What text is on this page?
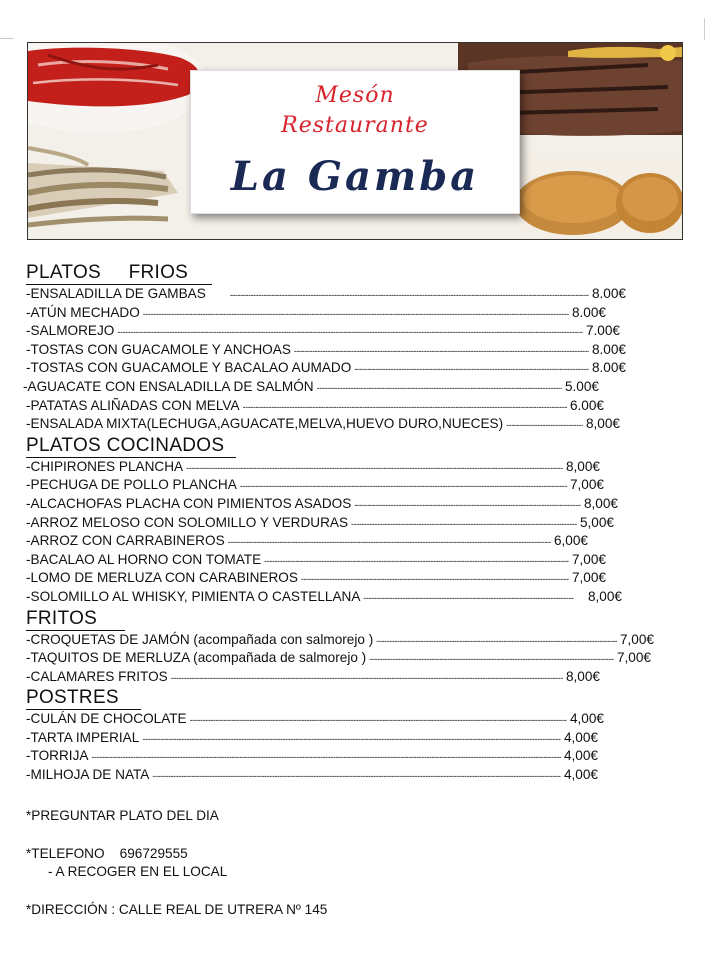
Mesón
Restaurante
La Gamba
PLATOS FRIOS
-ENSALADILLA DE GAMBAS -----	8.00€
-ATÚN MECHADO -----	8.00€
-SALMOREJO -----	7.00€
-TOSTAS CON GUACAMOLE Y ANCHOAS -----	8.00€
-TOSTAS CON GUACAMOLE Y BACALAO AUMADO -----	8.00€
-AGUACATE CON ENSALADILLA DE SALMÓN -----	5.00€
-PATATAS ALIÑADAS CON MELVA -----	6.00€
-ENSALADA MIXTA(LECHUGA,AGUACATE,MELVA,HUEVO DURO,NUECES) -----	8,00€
PLATOS COCINADOS
-CHIPIRONES PLANCHA -----	8,00€
-PECHUGA DE POLLO PLANCHA -----	7,00€
-ALCACHOFAS PLACHA CON PIMIENTOS ASADOS -----	8,00€
-ARROZ MELOSO CON SOLOMILLO Y VERDURAS -----	5,00€
-ARROZ CON CARRABINEROS -----	6,00€
-BACALAO AL HORNO CON TOMATE -----	7,00€
-LOMO DE MERLUZA CON CARABINEROS -----	7,00€
-SOLOMILLO AL WHISKY, PIMIENTA O CASTELLANA -----	8,00€
FRITOS
-CROQUETAS DE JAMÓN (acompañada con salmorejo ) -----	7,00€
-TAQUITOS DE MERLUZA (acompañada de salmorejo ) -----	7,00€
-CALAMARES FRITOS -----	8,00€
POSTRES
-CULÁN DE CHOCOLATE -----	4,00€
-TARTA IMPERIAL -----	4,00€
-TORRIJA -----	4,00€
-MILHOJA DE NATA -----	4,00€
*PREGUNTAR PLATO DEL DIA
*TELEFONO    696729555
- A RECOGER EN EL LOCAL
*DIRECCIÓN : CALLE REAL DE UTRERA Nº 145
